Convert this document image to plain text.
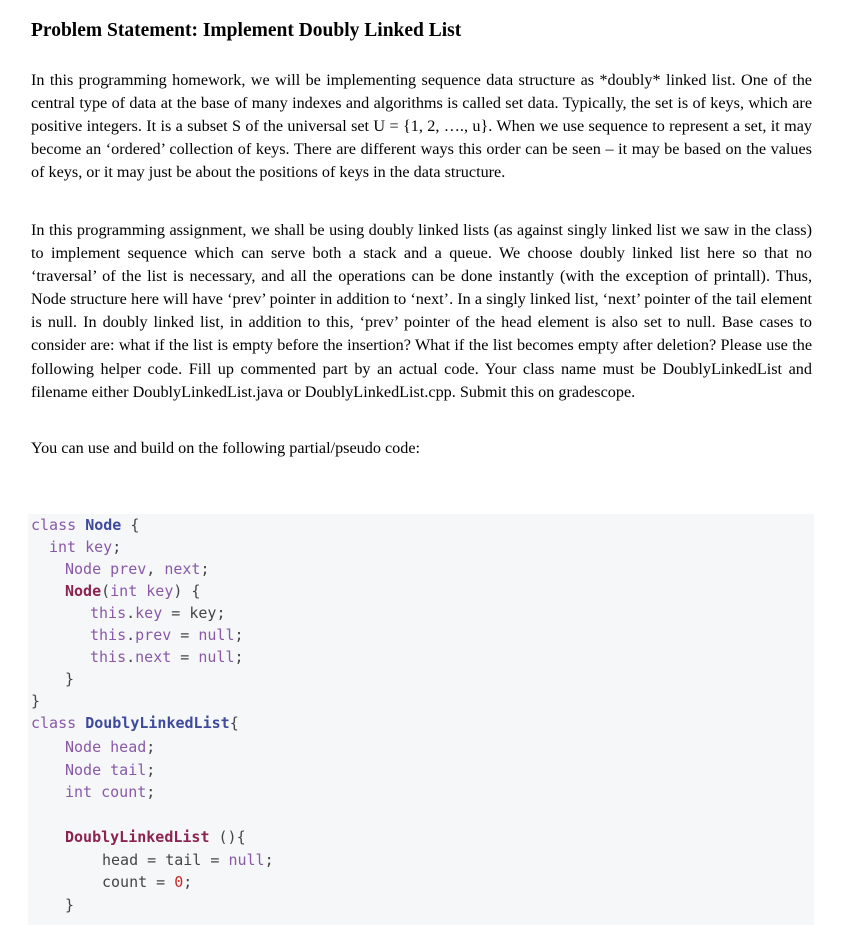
Problem Statement: Implement Doubly Linked List

In this programming homework, we will be implementing sequence data structure as *doubly* linked list. One of the central type of data at the base of many indexes and algorithms is called set data. Typically, the set is of keys, which are positive integers. It is a subset S of the universal set U = {1, 2, …., u}. When we use sequence to represent a set, it may become an ‘ordered’ collection of keys. There are different ways this order can be seen – it may be based on the values of keys, or it may just be about the positions of keys in the data structure.

In this programming assignment, we shall be using doubly linked lists (as against singly linked list we saw in the class) to implement sequence which can serve both a stack and a queue. We choose doubly linked list here so that no ‘traversal’ of the list is necessary, and all the operations can be done instantly (with the exception of printall). Thus, Node structure here will have ‘prev’ pointer in addition to ‘next’. In a singly linked list, ‘next’ pointer of the tail element is null. In doubly linked list, in addition to this, ‘prev’ pointer of the head element is also set to null. Base cases to consider are: what if the list is empty before the insertion? What if the list becomes empty after deletion? Please use the following helper code. Fill up commented part by an actual code. Your class name must be DoublyLinkedList and filename either DoublyLinkedList.java or DoublyLinkedList.cpp. Submit this on gradescope.

You can use and build on the following partial/pseudo code:

class Node {
int key;
Node prev, next;
Node(int key) {
this.key = key;
this.prev = null;
this.next = null;
}
}
class DoublyLinkedList{
Node head;
Node tail;
int count;
DoublyLinkedList (){
head = tail = null;
count = 0;
}
